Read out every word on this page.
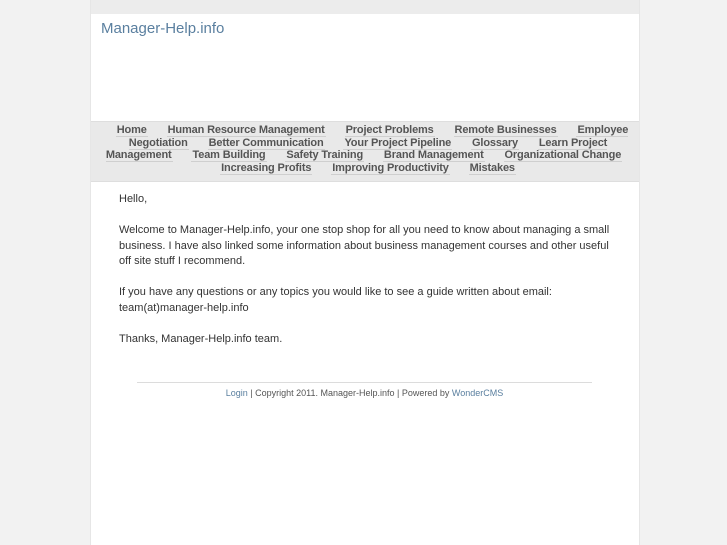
Manager-Help.info
Home Human Resource Management Project Problems Remote Businesses Employee Negotiation Better Communication Your Project Pipeline Glossary Learn Project Management Team Building Safety Training Brand Management Organizational Change Increasing Profits Improving Productivity Mistakes

Hello,

Welcome to Manager-Help.info, your one stop shop for all you need to know about managing a small business. I have also linked some information about business management courses and other useful off site stuff I recommend.

If you have any questions or any topics you would like to see a guide written about email: team(at)manager-help.info

Thanks, Manager-Help.info team.

Login | Copyright 2011. Manager-Help.info | Powered by WonderCMS
